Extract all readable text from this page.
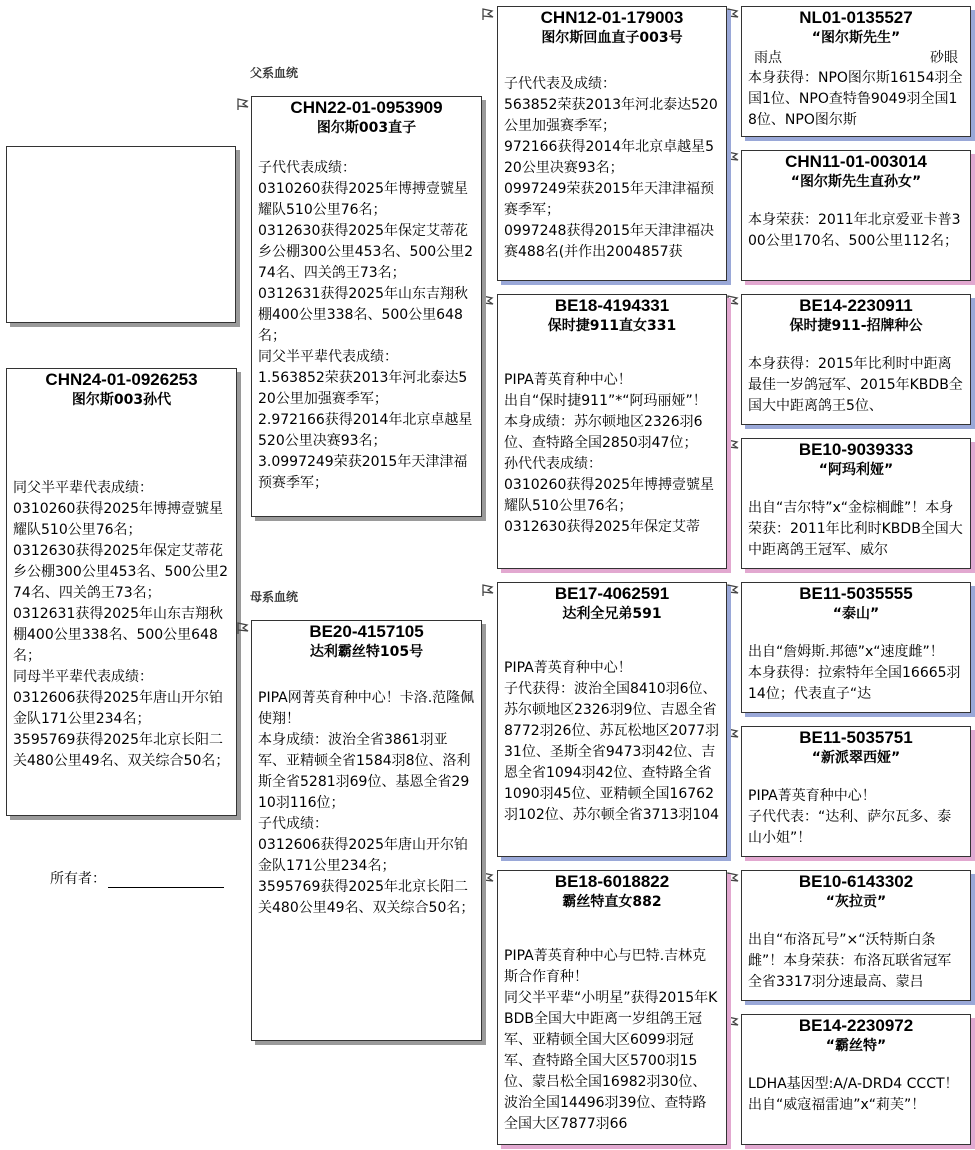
CHN24-01-0926253
图尔斯003孙代
同父半平辈代表成绩：
0310260获得2025年博搏壹號星耀队510公里76名；
0312630获得2025年保定艾蒂花乡公棚300公里453名、500公里274名、四关鸽王73名；
0312631获得2025年山东吉翔秋棚400公里338名、500公里648名；
同母半平辈代表成绩：
0312606获得2025年唐山开尔铂金队171公里234名；
3595769获得2025年北京长阳二关480公里49名、双关综合50名；
所有者：
父系血统
母系血统
CHN22-01-0953909
图尔斯003直子
子代代表成绩：
0310260获得2025年博搏壹號星耀队510公里76名；
0312630获得2025年保定艾蒂花乡公棚300公里453名、500公里274名、四关鸽王73名；
0312631获得2025年山东吉翔秋棚400公里338名、500公里648名；
同父半平辈代表成绩：
1.563852荣获2013年河北泰达520公里加强赛季军；
2.972166获得2014年北京卓越星520公里决赛93名；
3.0997249荣获2015年天津津福预赛季军；
BE20-4157105
达利霸丝特105号
PIPA网菁英育种中心！卡洛.范隆佩使翔！
本身成绩：波治全省3861羽亚军、亚精顿全省1584羽8位、洛利斯全省5281羽69位、基恩全省2910羽116位；
子代成绩：
0312606获得2025年唐山开尔铂金队171公里234名；
3595769获得2025年北京长阳二关480公里49名、双关综合50名；
CHN12-01-179003
图尔斯回血直子003号
子代代表及成绩：
563852荣获2013年河北泰达520公里加强赛季军；
972166获得2014年北京卓越星520公里决赛93名；
0997249荣获2015年天津津福预赛季军；
0997248获得2015年天津津福决赛488名(并作出2004857获
BE18-4194331
保时捷911直女331
PIPA菁英育种中心！
出自“保时捷911”*“阿玛丽娅”！
本身成绩：苏尔顿地区2326羽6位、查特路全国2850羽47位；
孙代代表成绩：
0310260获得2025年博搏壹號星耀队510公里76名；
0312630获得2025年保定艾蒂
BE17-4062591
达利全兄弟591
PIPA菁英育种中心！
子代获得：波治全国8410羽6位、苏尔顿地区2326羽9位、吉恩全省8772羽26位、苏瓦松地区2077羽31位、圣斯全省9473羽42位、吉恩全省1094羽42位、查特路全省1090羽45位、亚精顿全国16762羽102位、苏尔顿全省3713羽104
BE18-6018822
霸丝特直女882
PIPA菁英育种中心与巴特.吉林克斯合作育种！
同父半平辈“小明星”获得2015年KBDB全国大中距离一岁组鸽王冠军、亚精顿全国大区6099羽冠军、查特路全国大区5700羽15位、蒙吕松全国16982羽30位、波治全国14496羽39位、查特路全国大区7877羽66
NL01-0135527
“图尔斯先生”
雨点	砂眼
本身获得：NPO图尔斯16154羽全国1位、NPO查特鲁9049羽全国18位、NPO图尔斯
CHN11-01-003014
“图尔斯先生直孙女”
本身荣获：2011年北京爱亚卡普300公里170名、500公里112名；
BE14-2230911
保时捷911-招牌种公
本身获得：2015年比利时中距离最佳一岁鸽冠军、2015年KBDB全国大中距离鸽王5位、
BE10-9039333
“阿玛利娅”
出自“吉尔特”x“金棕榈雌”！本身荣获：2011年比利时KBDB全国大中距离鸽王冠军、威尔
BE11-5035555
“泰山”
出自“詹姆斯.邦德”x“速度雌”！
本身获得：拉索特年全国16665羽14位；代表直子“达
BE11-5035751
“新派翠西娅”
PIPA菁英育种中心！
子代代表：“达利、萨尔瓦多、泰山小姐”！
BE10-6143302
“灰拉贡”
出自“布洛瓦号”×“沃特斯白条雌”！本身荣获：布洛瓦联省冠军全省3317羽分速最高、蒙吕
BE14-2230972
“霸丝特”
LDHA基因型:A/A-DRD4 CCCT！
出自“威寇福雷迪”x“莉芙”！
